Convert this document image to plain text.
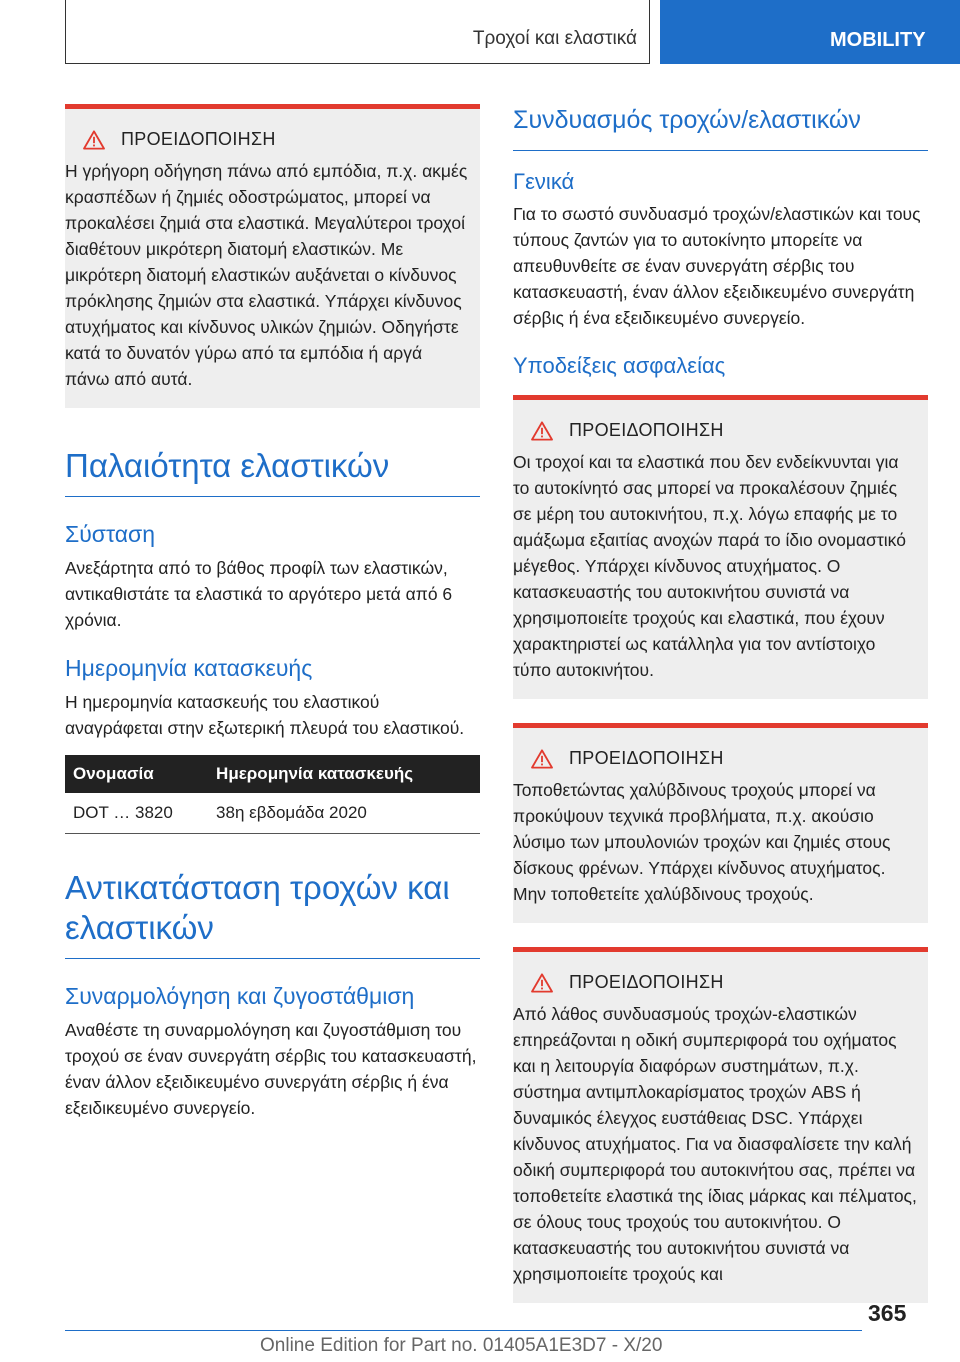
Τροχοί και ελαστικά	MOBILITY
ΠΡΟΕΙΔΟΠΟΙΗΣΗ
Η γρήγορη οδήγηση πάνω από εμπόδια, π.χ. ακμές κρασπέδων ή ζημιές οδοστρώματος, μπορεί να προκαλέσει ζημιά στα ελαστικά. Μεγαλύτεροι τροχοί διαθέτουν μικρότερη διατομή ελαστικών. Με μικρότερη διατομή ελαστικών αυξάνεται ο κίνδυνος πρόκλησης ζημιών στα ελαστικά. Υπάρχει κίνδυνος ατυχήματος και κίνδυνος υλικών ζημιών. Οδηγήστε κατά το δυνατόν γύρω από τα εμπόδια ή αργά πάνω από αυτά.
Παλαιότητα ελαστικών
Σύσταση
Ανεξάρτητα από το βάθος προφίλ των ελαστικών, αντικαθιστάτε τα ελαστικά το αργότερο μετά από 6 χρόνια.
Ημερομηνία κατασκευής
Η ημερομηνία κατασκευής του ελαστικού αναγράφεται στην εξωτερική πλευρά του ελαστικού.
Ονομασία	Ημερομηνία κατασκευής
DOT … 3820	38η εβδομάδα 2020
Αντικατάσταση τροχών και ελαστικών
Συναρμολόγηση και ζυγοστάθμιση
Αναθέστε τη συναρμολόγηση και ζυγοστάθμιση του τροχού σε έναν συνεργάτη σέρβις του κατασκευαστή, έναν άλλον εξειδικευμένο συνεργάτη σέρβις ή ένα εξειδικευμένο συνεργείο.
Συνδυασμός τροχών/ελαστικών
Γενικά
Για το σωστό συνδυασμό τροχών/ελαστικών και τους τύπους ζαντών για το αυτοκίνητο μπορείτε να απευθυνθείτε σε έναν συνεργάτη σέρβις του κατασκευαστή, έναν άλλον εξειδικευμένο συνεργάτη σέρβις ή ένα εξειδικευμένο συνεργείο.
Υποδείξεις ασφαλείας
ΠΡΟΕΙΔΟΠΟΙΗΣΗ
Οι τροχοί και τα ελαστικά που δεν ενδείκνυνται για το αυτοκίνητό σας μπορεί να προκαλέσουν ζημιές σε μέρη του αυτοκινήτου, π.χ. λόγω επαφής με το αμάξωμα εξαιτίας ανοχών παρά το ίδιο ονομαστικό μέγεθος. Υπάρχει κίνδυνος ατυχήματος. Ο κατασκευαστής του αυτοκινήτου συνιστά να χρησιμοποιείτε τροχούς και ελαστικά, που έχουν χαρακτηριστεί ως κατάλληλα για τον αντίστοιχο τύπο αυτοκινήτου.
ΠΡΟΕΙΔΟΠΟΙΗΣΗ
Τοποθετώντας χαλύβδινους τροχούς μπορεί να προκύψουν τεχνικά προβλήματα, π.χ. ακούσιο λύσιμο των μπουλονιών τροχών και ζημιές στους δίσκους φρένων. Υπάρχει κίνδυνος ατυχήματος. Μην τοποθετείτε χαλύβδινους τροχούς.
ΠΡΟΕΙΔΟΠΟΙΗΣΗ
Από λάθος συνδυασμούς τροχών-ελαστικών επηρεάζονται η οδική συμπεριφορά του οχήματος και η λειτουργία διαφόρων συστημάτων, π.χ. σύστημα αντιμπλοκαρίσματος τροχών ABS ή δυναμικός έλεγχος ευστάθειας DSC. Υπάρχει κίνδυνος ατυχήματος. Για να διασφαλίσετε την καλή οδική συμπεριφορά του αυτοκινήτου σας, πρέπει να τοποθετείτε ελαστικά της ίδιας μάρκας και πέλματος, σε όλους τους τροχούς του αυτοκινήτου. Ο κατασκευαστής του αυτοκινήτου συνιστά να χρησιμοποιείτε τροχούς και
365
Online Edition for Part no. 01405A1E3D7 - X/20
